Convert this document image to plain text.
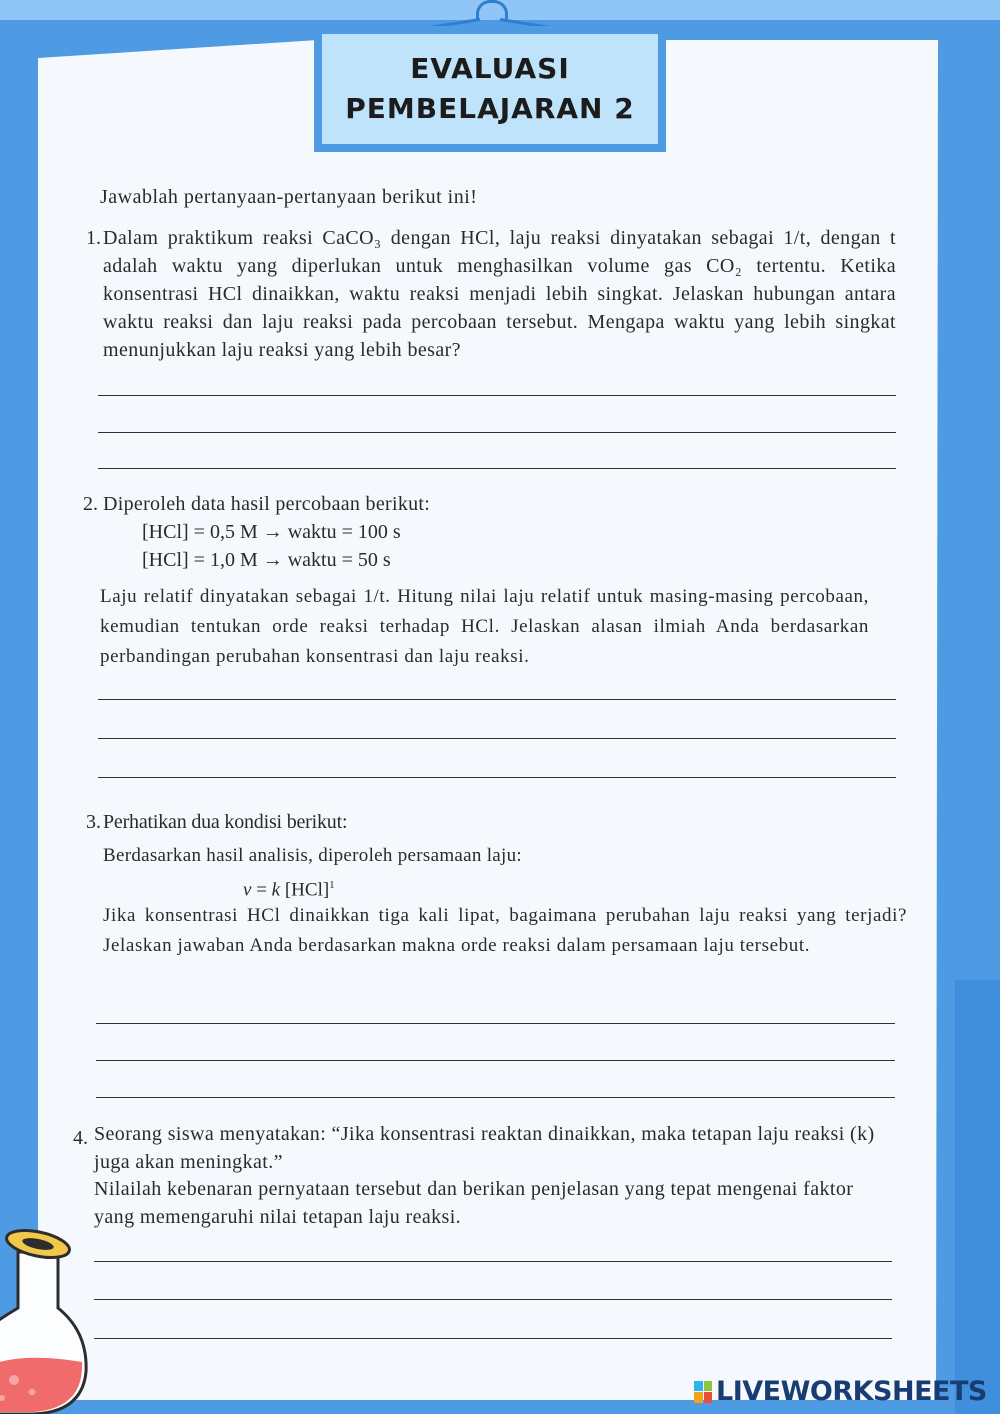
EVALUASI
PEMBELAJARAN 2
Jawablah pertanyaan-pertanyaan berikut ini!
1. Dalam praktikum reaksi CaCO₃ dengan HCl, laju reaksi dinyatakan sebagai 1/t, dengan t adalah waktu yang diperlukan untuk menghasilkan volume gas CO₂ tertentu. Ketika konsentrasi HCl dinaikkan, waktu reaksi menjadi lebih singkat. Jelaskan hubungan antara waktu reaksi dan laju reaksi pada percobaan tersebut. Mengapa waktu yang lebih singkat menunjukkan laju reaksi yang lebih besar?
2. Diperoleh data hasil percobaan berikut:
[HCl] = 0,5 M → waktu = 100 s
[HCl] = 1,0 M → waktu = 50 s
Laju relatif dinyatakan sebagai 1/t. Hitung nilai laju relatif untuk masing-masing percobaan, kemudian tentukan orde reaksi terhadap HCl. Jelaskan alasan ilmiah Anda berdasarkan perbandingan perubahan konsentrasi dan laju reaksi.
3. Perhatikan dua kondisi berikut:
Berdasarkan hasil analisis, diperoleh persamaan laju:
v = k [HCl]$^1$
Jika konsentrasi HCl dinaikkan tiga kali lipat, bagaimana perubahan laju reaksi yang terjadi? Jelaskan jawaban Anda berdasarkan makna orde reaksi dalam persamaan laju tersebut.
4. Seorang siswa menyatakan: “Jika konsentrasi reaktan dinaikkan, maka tetapan laju reaksi (k) juga akan meningkat.”
Nilailah kebenaran pernyataan tersebut dan berikan penjelasan yang tepat mengenai faktor yang memengaruhi nilai tetapan laju reaksi.
LIVEWORKSHEETS
